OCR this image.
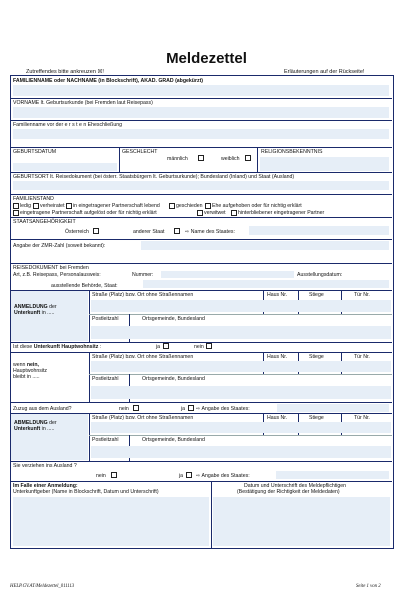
Meldezettel
Zutreffendes bitte ankreuzen ☒!	Erläuterungen auf der Rückseite!
FAMILIENNAME oder NACHNAME (in Blockschrift), AKAD. GRAD (abgekürzt)
VORNAME lt. Geburtsurkunde (bei Fremden laut Reisepass)
Familienname vor der e r s t e n Eheschließung
GEBURTSDATUM	GESCHLECHT
männlich	weiblich
RELIGIONSBEKENNTNIS
GEBURTSORT lt. Reisedokument (bei österr. Staatsbürgern lt. Geburtsurkunde); Bundesland (Inland) und Staat (Ausland)
FAMILIENSTAND
ledig verheiratet in eingetragener Partnerschaft lebend	geschieden Ehe aufgehoben oder für nichtig erklärt
eingetragene Partnerschaft aufgelöst oder für nichtig erklärt	verwitwet hinterbliebener eingetragener Partner
STAATSANGEHÖRIGKEIT
Österreich	anderer Staat	⇨ Name des Staates:
Angabe der ZMR-Zahl (soweit bekannt):
REISEDOKUMENT bei Fremden
Art, z.B. Reisepass, Personalausweis:	Nummer:	Ausstellungsdatum:
ausstellende Behörde, Staat:
ANMELDUNG der
Unterkunft in .....
Straße (Platz) bzw. Ort ohne Straßennamen	Haus Nr.	Stiege	Tür Nr.
Postleitzahl	Ortsgemeinde, Bundesland
Ist diese Unterkunft Hauptwohnsitz :	ja	nein
wenn nein,
Hauptwohnsitz
bleibt in .....
Straße (Platz) bzw. Ort ohne Straßennamen	Haus Nr.	Stiege	Tür Nr.
Postleitzahl	Ortsgemeinde, Bundesland
Zuzug aus dem Ausland?	nein	ja ⇨ Angabe des Staates:
ABMELDUNG der
Unterkunft in .....
Straße (Platz) bzw. Ort ohne Straßennamen	Haus Nr.	Stiege	Tür Nr.
Postleitzahl	Ortsgemeinde, Bundesland
Sie verziehen ins Ausland ?
nein	ja ⇨ Angabe des Staates:
Im Falle einer Anmeldung:
Unterkunftgeber (Name in Blockschrift, Datum und Unterschrift)
Datum und Unterschrift des Meldepflichtigen
(Bestätigung der Richtigkeit der Meldedaten)
HELP.GV.AT/Meldezettel_011113	Seite 1 von 2
